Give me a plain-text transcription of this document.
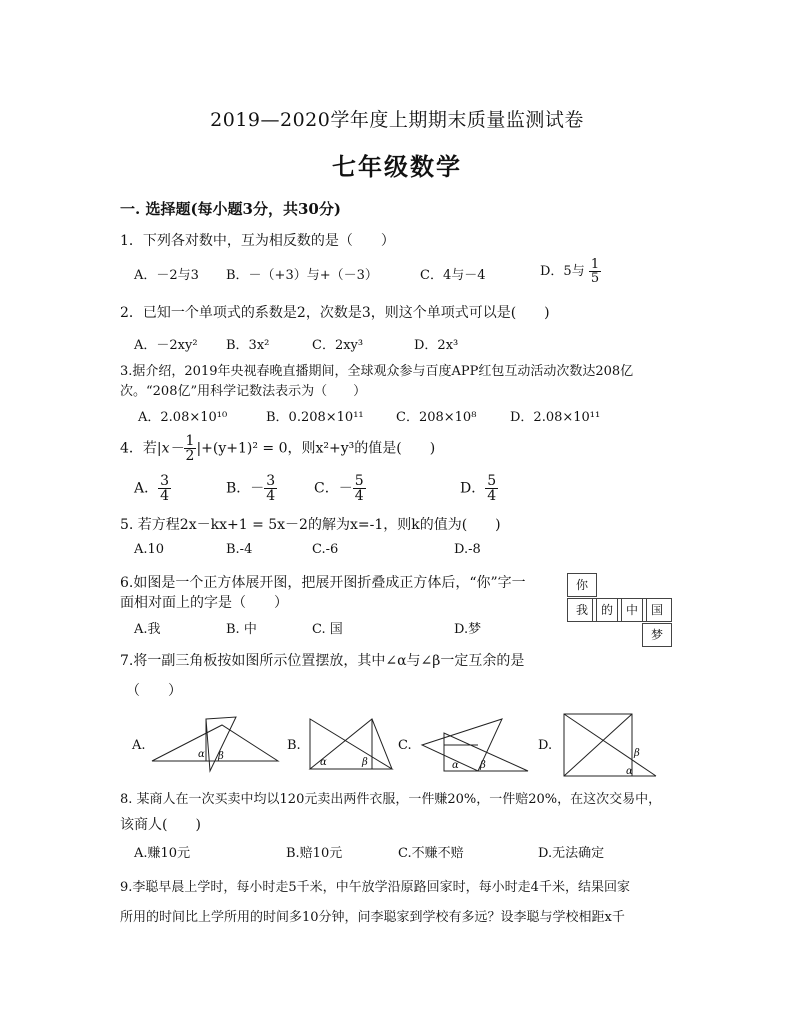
2019—2020学年度上期期末质量监测试卷
七年级数学
一. 选择题(每小题3分，共30分)
1．下列各对数中，互为相反数的是（　　）
A．－2与3 B．－（+3）与+（－3）	C．4与－4	D．5与 $\frac{1}{5}$
2．已知一个单项式的系数是2，次数是3，则这个单项式可以是(　　)
A．－2xy² B．3x²	C．2xy³	D．2x³
3.据介绍，2019年央视春晚直播期间，全球观众参与百度APP红包互动活动次数达208亿
次。“208亿”用科学记数法表示为（　　）
A．2.08×10¹⁰	B．0.208×10¹¹ C．208×10⁸	D．2.08×10¹¹
4．若$|x- \frac{1}{2} |+(y+1)^2 = 0$，则x²+y³的值是(　　)
A． $\frac{3}{4}$	B．－ $\frac{3}{4}$	C．－ $\frac{5}{4}$	D． $\frac{5}{4}$
5. 若方程2x－kx+1 = 5x－2的解为x=-1，则k的值为(　　)
A.10	B.-4	C.-6	D.-8
6.如图是一个正方体展开图，把展开图折叠成正方体后，“你”字一
面相对面上的字是（　　）
A.我	B. 中	C. 国	D.梦
你
我	的	中	国
梦
7.将一副三角板按如图所示位置摆放，其中∠α与∠β一定互余的是
（　　）
A.
α β
B.
α	β
C.
α β
D.
β
α
8. 某商人在一次买卖中均以120元卖出两件衣服，一件赚20%，一件赔20%，在这次交易中，
该商人(　　)
A.赚10元	B.赔10元	C.不赚不赔	D.无法确定
9.李聪早晨上学时，每小时走5千米，中午放学沿原路回家时，每小时走4千米，结果回家
所用的时间比上学所用的时间多10分钟，问李聪家到学校有多远？设李聪与学校相距x千
